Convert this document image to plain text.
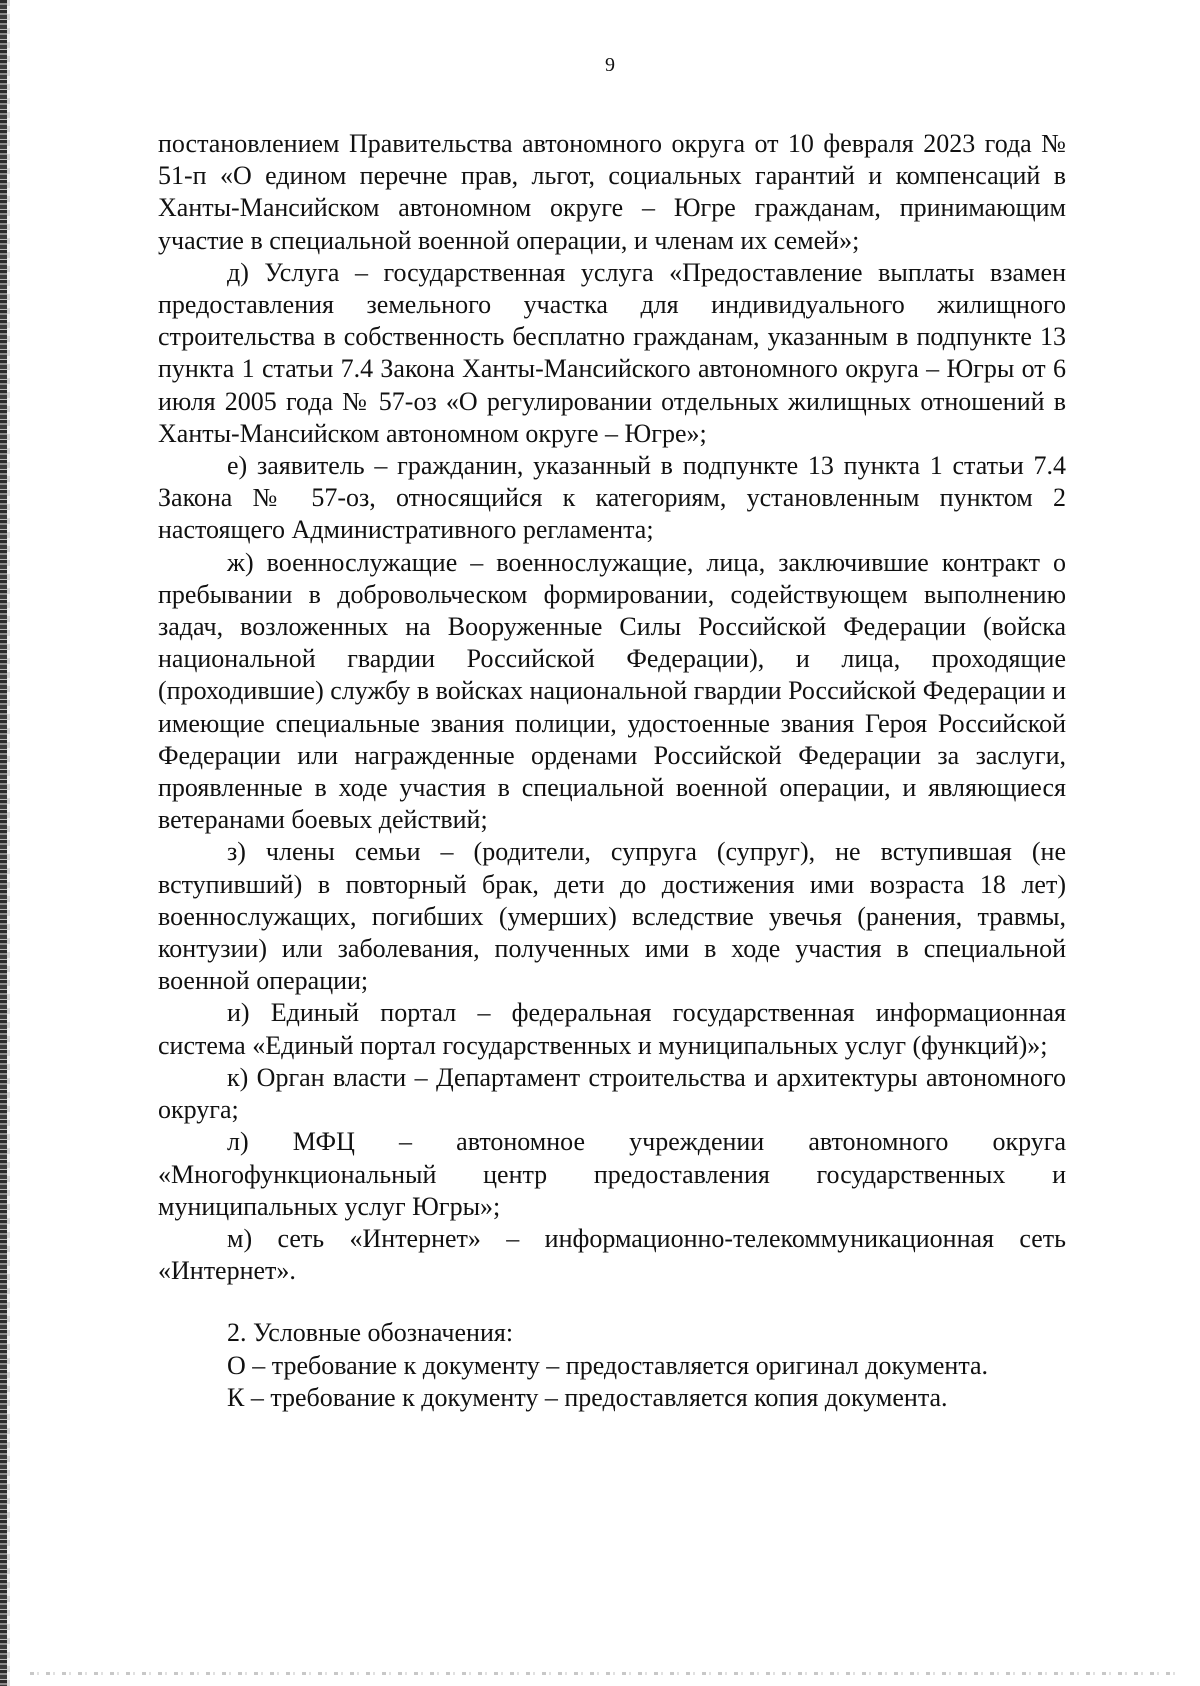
9

постановлением Правительства автономного округа от 10 февраля 2023 года № 51-п «О едином перечне прав, льгот, социальных гарантий и компенсаций в Ханты-Мансийском автономном округе – Югре гражданам, принимающим участие в специальной военной операции, и членам их семей»;

д) Услуга – государственная услуга «Предоставление выплаты взамен предоставления земельного участка для индивидуального жилищного строительства в собственность бесплатно гражданам, указанным в подпункте 13 пункта 1 статьи 7.4 Закона Ханты-Мансийского автономного округа – Югры от 6 июля 2005 года № 57-оз «О регулировании отдельных жилищных отношений в Ханты-Мансийском автономном округе – Югре»;

е) заявитель – гражданин, указанный в подпункте 13 пункта 1 статьи 7.4 Закона № 57-оз, относящийся к категориям, установленным пунктом 2 настоящего Административного регламента;

ж) военнослужащие – военнослужащие, лица, заключившие контракт о пребывании в добровольческом формировании, содействующем выполнению задач, возложенных на Вооруженные Силы Российской Федерации (войска национальной гвардии Российской Федерации), и лица, проходящие (проходившие) службу в войсках национальной гвардии Российской Федерации и имеющие специальные звания полиции, удостоенные звания Героя Российской Федерации или награжденные орденами Российской Федерации за заслуги, проявленные в ходе участия в специальной военной операции, и являющиеся ветеранами боевых действий;

з) члены семьи – (родители, супруга (супруг), не вступившая (не вступивший) в повторный брак, дети до достижения ими возраста 18 лет) военнослужащих, погибших (умерших) вследствие увечья (ранения, травмы, контузии) или заболевания, полученных ими в ходе участия в специальной военной операции;

и) Единый портал – федеральная государственная информационная система «Единый портал государственных и муниципальных услуг (функций)»;

к) Орган власти – Департамент строительства и архитектуры автономного округа;

л) МФЦ – автономное учреждении автономного округа «Многофункциональный центр предоставления государственных и муниципальных услуг Югры»;

м) сеть «Интернет» – информационно-телекоммуникационная сеть «Интернет».

2. Условные обозначения:

О – требование к документу – предоставляется оригинал документа.

К – требование к документу – предоставляется копия документа.
